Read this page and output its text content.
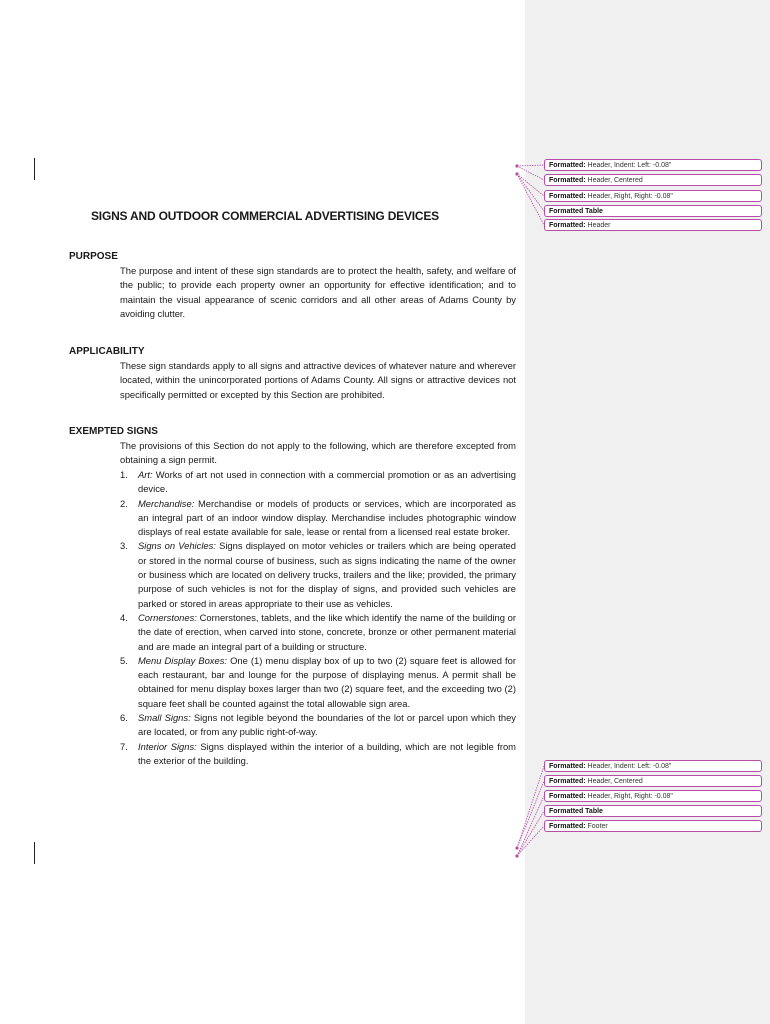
Formatted: Header, Indent: Left: -0.08"
Formatted: Header, Centered
Formatted: Header, Right, Right: -0.08"
Formatted Table
Formatted: Header
Formatted: Header, Indent: Left: -0.08"
Formatted: Header, Centered
Formatted: Header, Right, Right: -0.08"
Formatted Table
Formatted: Footer
SIGNS AND OUTDOOR COMMERCIAL ADVERTISING DEVICES
PURPOSE
The purpose and intent of these sign standards are to protect the health, safety, and welfare of the public; to provide each property owner an opportunity for effective identification; and to maintain the visual appearance of scenic corridors and all other areas of Adams County by avoiding clutter.
APPLICABILITY
These sign standards apply to all signs and attractive devices of whatever nature and wherever located, within the unincorporated portions of Adams County. All signs or attractive devices not specifically permitted or excepted by this Section are prohibited.
EXEMPTED SIGNS
The provisions of this Section do not apply to the following, which are therefore excepted from obtaining a sign permit.
1. Art: Works of art not used in connection with a commercial promotion or as an advertising device.
2. Merchandise: Merchandise or models of products or services, which are incorporated as an integral part of an indoor window display. Merchandise includes photographic window displays of real estate available for sale, lease or rental from a licensed real estate broker.
3. Signs on Vehicles: Signs displayed on motor vehicles or trailers which are being operated or stored in the normal course of business, such as signs indicating the name of the owner or business which are located on delivery trucks, trailers and the like; provided, the primary purpose of such vehicles is not for the display of signs, and provided such vehicles are parked or stored in areas appropriate to their use as vehicles.
4. Cornerstones: Cornerstones, tablets, and the like which identify the name of the building or the date of erection, when carved into stone, concrete, bronze or other permanent material and are made an integral part of a building or structure.
5. Menu Display Boxes: One (1) menu display box of up to two (2) square feet is allowed for each restaurant, bar and lounge for the purpose of displaying menus. A permit shall be obtained for menu display boxes larger than two (2) square feet, and the exceeding two (2) square feet shall be counted against the total allowable sign area.
6. Small Signs: Signs not legible beyond the boundaries of the lot or parcel upon which they are located, or from any public right-of-way.
7. Interior Signs: Signs displayed within the interior of a building, which are not legible from the exterior of the building.
